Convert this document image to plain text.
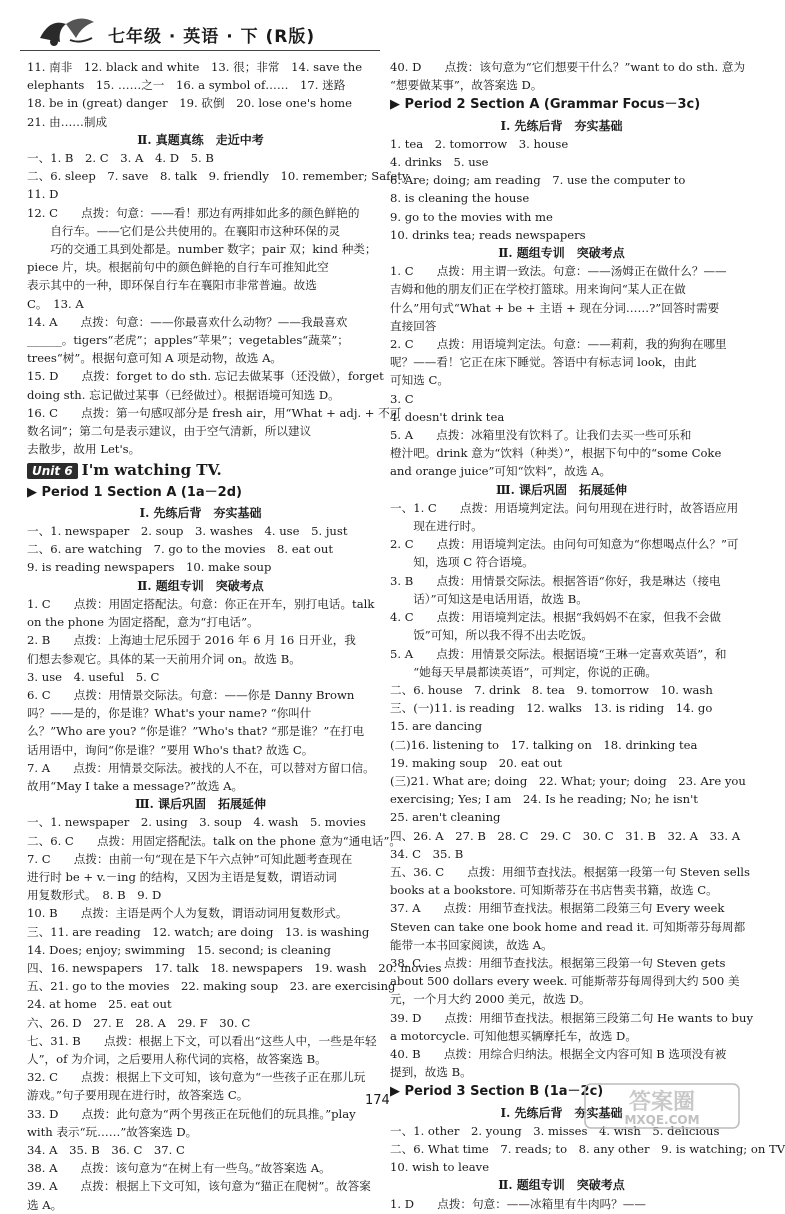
七年级 · 英语 · 下 (R版)

11. 南非　12. black and white　13. 很；非常　14. save the

elephants　15. ……之一　16. a symbol of……　17. 迷路

18. be in (great) danger　19. 砍倒　20. lose one's home

21. 由……制成

Ⅱ. 真题真练　走近中考

一、1. B　2. C　3. A　4. D　5. B

二、6. sleep　7. save　8. talk　9. friendly　10. remember; Safety

11. D

12. C　　点拨：句意：——看！那边有两排如此多的颜色鲜艳的

　　自行车。——它们是公共使用的。在襄阳市这种环保的灵

　　巧的交通工具到处都是。number 数字；pair 双；kind 种类；

piece 片，块。根据前句中的颜色鲜艳的自行车可推知此空

表示其中的一种，即环保自行车在襄阳市非常普遍。故选

C。　13. A

14. A　　点拨：句意：——你最喜欢什么动物？——我最喜欢

______。tigers“老虎”；apples“苹果”；vegetables“蔬菜”；

trees“树”。根据句意可知 A 项是动物，故选 A。

15. D　　点拨：forget to do sth. 忘记去做某事（还没做），forget

doing sth. 忘记做过某事（已经做过）。根据语境可知选 D。

16. C　　点拨：第一句感叹部分是 fresh air，用“What + adj. + 不可

数名词”；第二句是表示建议，由于空气清新，所以建议

去散步，故用 Let's。

Unit 6 I'm watching TV.

▶ Period 1 Section A (1a－2d)

Ⅰ. 先练后背　夯实基础

一、1. newspaper　2. soup　3. washes　4. use　5. just

二、6. are watching　7. go to the movies　8. eat out

9. is reading newspapers　10. make soup

Ⅱ. 题组专训　突破考点

1. C　　点拨：用固定搭配法。句意：你正在开车，别打电话。talk

on the phone 为固定搭配，意为“打电话”。

2. B　　点拨：上海迪士尼乐园于 2016 年 6 月 16 日开业，我

们想去参观它。具体的某一天前用介词 on。故选 B。

3. use　4. useful　5. C

6. C　　点拨：用情景交际法。句意：——你是 Danny Brown

吗？——是的，你是谁？What's your name? “你叫什

么？”Who are you? “你是谁？”Who's that? “那是谁？”在打电

话用语中，询问“你是谁？”要用 Who's that? 故选 C。

7. A　　点拨：用情景交际法。被找的人不在，可以替对方留口信。

故用“May I take a message?”故选 A。

Ⅲ. 课后巩固　拓展延伸

一、1. newspaper　2. using　3. soup　4. wash　5. movies

二、6. C　　点拨：用固定搭配法。talk on the phone 意为“通电话”。

7. C　　点拨：由前一句“现在是下午六点钟”可知此题考查现在

进行时 be + v.－ing 的结构，又因为主语是复数，谓语动词

用复数形式。　8. B　9. D

10. B　　点拨：主语是两个人为复数，谓语动词用复数形式。

三、11. are reading　12. watch; are doing　13. is washing

14. Does; enjoy; swimming　15. second; is cleaning

四、16. newspapers　17. talk　18. newspapers　19. wash　20. movies

五、21. go to the movies　22. making soup　23. are exercising

24. at home　25. eat out

六、26. D　27. E　28. A　29. F　30. C

七、31. B　　点拨：根据上下文，可以看出“这些人中，一些是年轻

人”，of 为介词，之后要用人称代词的宾格，故答案选 B。

32. C　　点拨：根据上下文可知，该句意为“一些孩子正在那儿玩

游戏。”句子要用现在进行时，故答案选 C。

33. D　　点拨：此句意为“两个男孩正在玩他们的玩具推。”play

with 表示“玩……”故答案选 D。

34. A　35. B　36. C　37. C

38. A　　点拨：该句意为“在树上有一些鸟。”故答案选 A。

39. A　　点拨：根据上下文可知，该句意为“猫正在爬树”。故答案

选 A。

40. D　　点拨：该句意为“它们想要干什么？”want to do sth. 意为

“想要做某事”，故答案选 D。

▶ Period 2 Section A (Grammar Focus－3c)

Ⅰ. 先练后背　夯实基础

1. tea　2. tomorrow　3. house

4. drinks　5. use

6. Are; doing; am reading　7. use the computer to

8. is cleaning the house

9. go to the movies with me

10. drinks tea; reads newspapers

Ⅱ. 题组专训　突破考点

1. C　　点拨：用主谓一致法。句意：——汤姆正在做什么？——

吉姆和他的朋友们正在学校打篮球。用来询问“某人正在做

什么”用句式“What + be + 主语 + 现在分词……?”回答时需要

直接回答

2. C　　点拨：用语境判定法。句意：——莉莉，我的狗狗在哪里

呢？——看！它正在床下睡觉。答语中有标志词 look，由此

可知选 C。

3. C

4. doesn't drink tea

5. A　　点拨：冰箱里没有饮料了。让我们去买一些可乐和

橙汁吧。drink 意为“饮料（种类）”，根据下句中的“some Coke

and orange juice”可知“饮料”，故选 A。

Ⅲ. 课后巩固　拓展延伸

一、1. C　　点拨：用语境判定法。问句用现在进行时，故答语应用

　　现在进行时。

2. C　　点拨：用语境判定法。由问句可知意为“你想喝点什么？”可

　　知，选项 C 符合语境。

3. B　　点拨：用情景交际法。根据答语“你好，我是琳达（接电

　　话）”可知这是电话用语，故选 B。

4. C　　点拨：用语境判定法。根据“我妈妈不在家，但我不会做

　　饭”可知，所以我不得不出去吃饭。

5. A　　点拨：用情景交际法。根据语境“王琳一定喜欢英语”，和

　　“她每天早晨都读英语”，可判定，你说的正确。

二、6. house　7. drink　8. tea　9. tomorrow　10. wash

三、(一)11. is reading　12. walks　13. is riding　14. go

15. are dancing

(二)16. listening to　17. talking on　18. drinking tea

19. making soup　20. eat out

(三)21. What are; doing　22. What; your; doing　23. Are you

exercising; Yes; I am　24. Is he reading; No; he isn't

25. aren't cleaning

四、26. A　27. B　28. C　29. C　30. C　31. B　32. A　33. A

34. C　35. B

五、36. C　　点拨：用细节查找法。根据第一段第一句 Steven sells

books at a bookstore. 可知斯蒂芬在书店售卖书籍，故选 C。

37. A　　点拨：用细节查找法。根据第二段第三句 Every week

Steven can take one book home and read it. 可知斯蒂芬每周都

能带一本书回家阅读，故选 A。

38. C　　点拨：用细节查找法。根据第三段第一句 Steven gets

about 500 dollars every week. 可能斯蒂芬每周得到大约 500 美

元，一个月大约 2000 美元，故选 D。

39. D　　点拨：用细节查找法。根据第三段第二句 He wants to buy

a motorcycle. 可知他想买辆摩托车，故选 D。

40. B　　点拨：用综合归纳法。根据全文内容可知 B 选项没有被

提到，故选 B。

▶ Period 3 Section B (1a－2c)

Ⅰ. 先练后背　夯实基础

一、1. other　2. young　3. misses　4. wish　5. delicious

二、6. What time　7. reads; to　8. any other　9. is watching; on TV

10. wish to leave

Ⅱ. 题组专训　突破考点

1. D　　点拨：句意：——冰箱里有牛肉吗？——

174	答案圈
MXQE.COM
